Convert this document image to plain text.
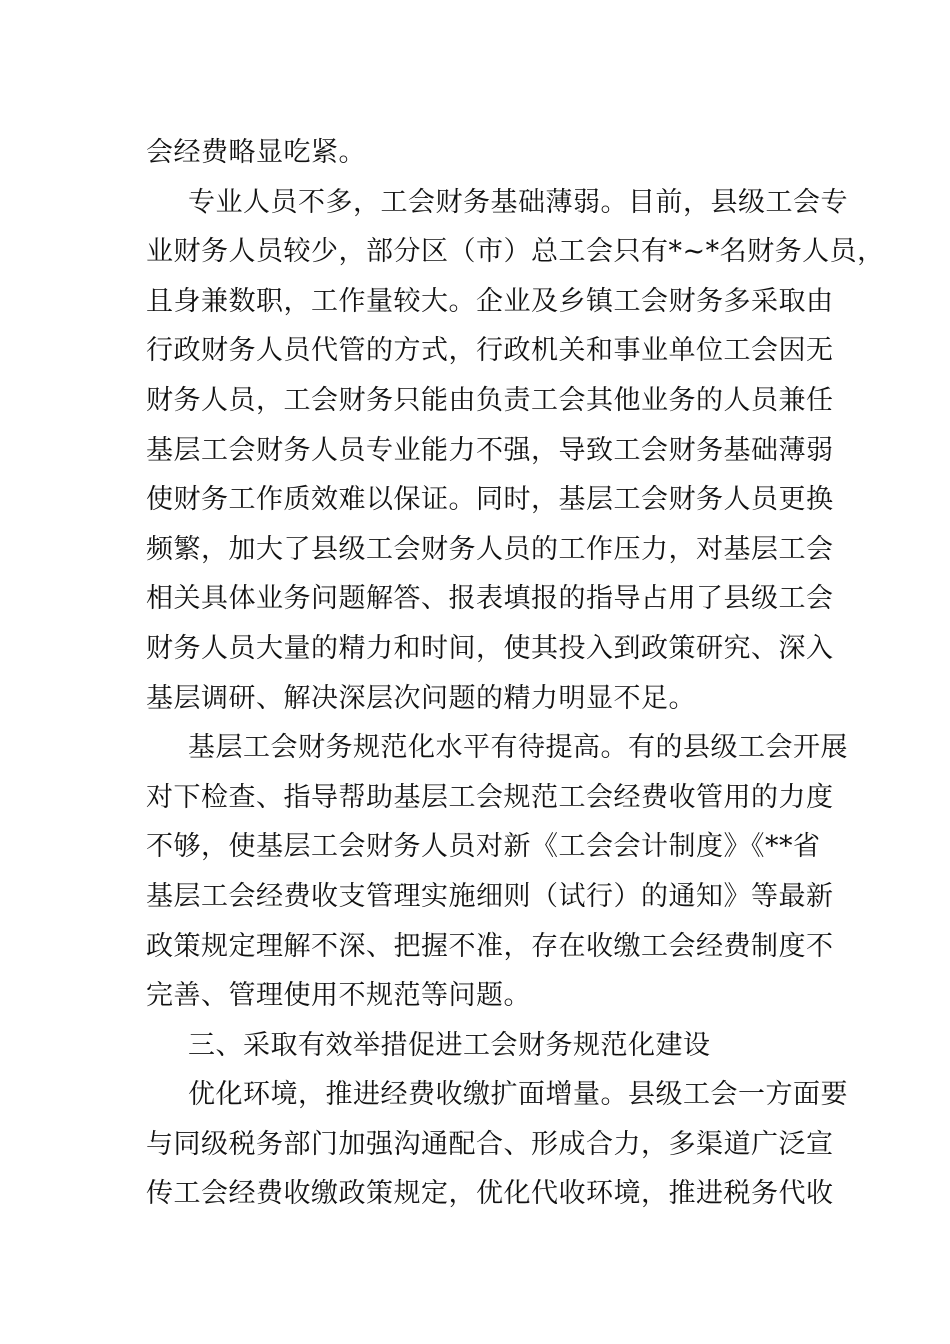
会经费略显吃紧。
专业人员不多，工会财务基础薄弱。目前，县级工会专
业财务人员较少，部分区（市）总工会只有*~*名财务人员，
且身兼数职，工作量较大。企业及乡镇工会财务多采取由
行政财务人员代管的方式，行政机关和事业单位工会因无
财务人员，工会财务只能由负责工会其他业务的人员兼任
基层工会财务人员专业能力不强，导致工会财务基础薄弱
使财务工作质效难以保证。同时，基层工会财务人员更换
频繁，加大了县级工会财务人员的工作压力，对基层工会
相关具体业务问题解答、报表填报的指导占用了县级工会
财务人员大量的精力和时间，使其投入到政策研究、深入
基层调研、解决深层次问题的精力明显不足。
基层工会财务规范化水平有待提高。有的县级工会开展
对下检查、指导帮助基层工会规范工会经费收管用的力度
不够，使基层工会财务人员对新《工会会计制度》《**省
基层工会经费收支管理实施细则（试行）的通知》等最新
政策规定理解不深、把握不准，存在收缴工会经费制度不
完善、管理使用不规范等问题。
三、采取有效举措促进工会财务规范化建设
优化环境，推进经费收缴扩面增量。县级工会一方面要
与同级税务部门加强沟通配合、形成合力，多渠道广泛宣
传工会经费收缴政策规定，优化代收环境，推进税务代收
